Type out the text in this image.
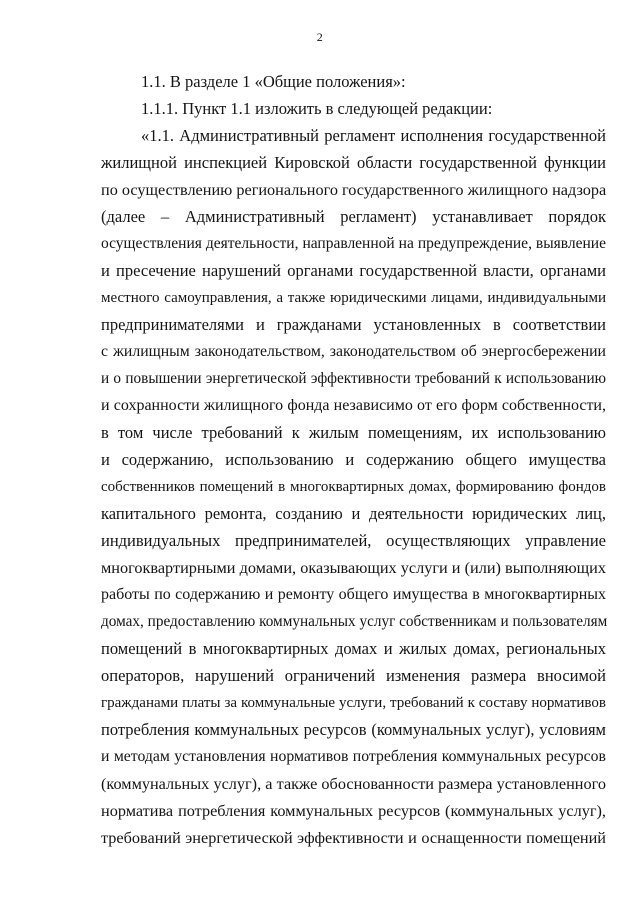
2
1.1. В разделе 1 «Общие положения»:
1.1.1. Пункт 1.1 изложить в следующей редакции:
«1.1. Административный регламент исполнения государственной
жилищной инспекцией Кировской области государственной функции
по осуществлению регионального государственного жилищного надзора
(далее – Административный регламент) устанавливает порядок
осуществления деятельности, направленной на предупреждение, выявление
и пресечение нарушений органами государственной власти, органами
местного самоуправления, а также юридическими лицами, индивидуальными
предпринимателями и гражданами установленных в соответствии
с жилищным законодательством, законодательством об энергосбережении
и о повышении энергетической эффективности требований к использованию
и сохранности жилищного фонда независимо от его форм собственности,
в том числе требований к жилым помещениям, их использованию
и содержанию, использованию и содержанию общего имущества
собственников помещений в многоквартирных домах, формированию фондов
капитального ремонта, созданию и деятельности юридических лиц,
индивидуальных предпринимателей, осуществляющих управление
многоквартирными домами, оказывающих услуги и (или) выполняющих
работы по содержанию и ремонту общего имущества в многоквартирных
домах, предоставлению коммунальных услуг собственникам и пользователям
помещений в многоквартирных домах и жилых домах, региональных
операторов, нарушений ограничений изменения размера вносимой
гражданами платы за коммунальные услуги, требований к составу нормативов
потребления коммунальных ресурсов (коммунальных услуг), условиям
и методам установления нормативов потребления коммунальных ресурсов
(коммунальных услуг), а также обоснованности размера установленного
норматива потребления коммунальных ресурсов (коммунальных услуг),
требований энергетической эффективности и оснащенности помещений
